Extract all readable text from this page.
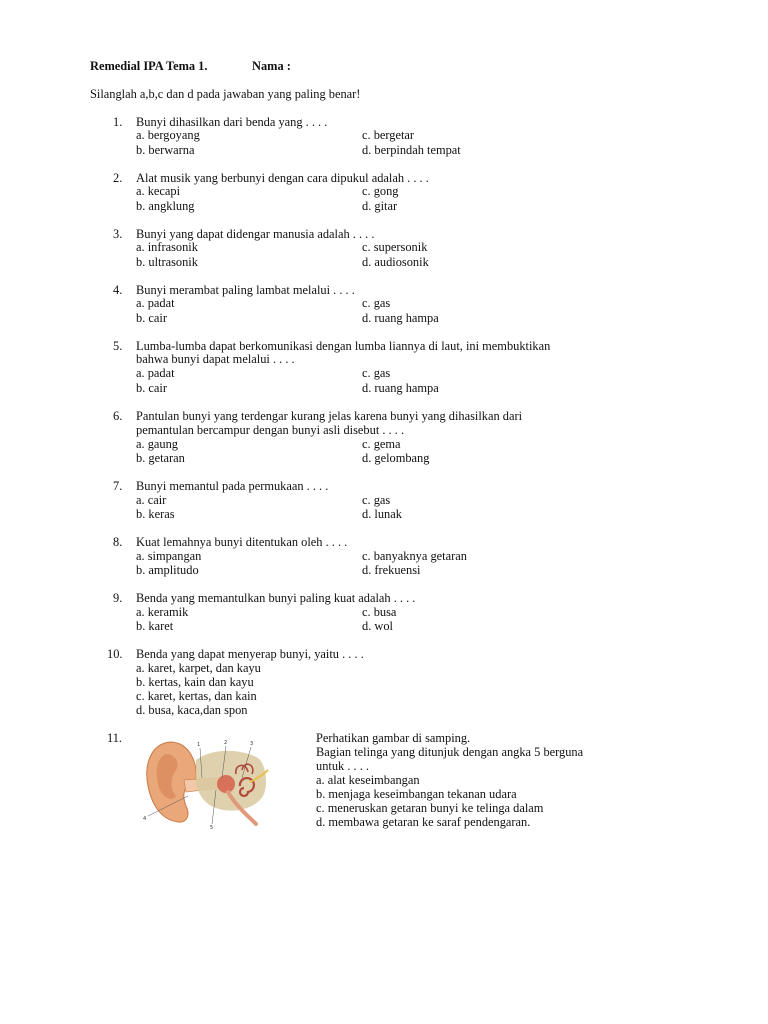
Remedial IPA Tema 1.	Nama :
Silanglah a,b,c dan d pada jawaban yang paling benar!
1. Bunyi dihasilkan dari benda yang . . . .
a. bergoyang
b. berwarna
c. bergetar
d. berpindah tempat
2. Alat musik yang berbunyi dengan cara dipukul adalah . . . .
a. kecapi
b. angklung
c. gong
d. gitar
3. Bunyi yang dapat didengar manusia adalah . . . .
a. infrasonik
b. ultrasonik
c. supersonik
d. audiosonik
4. Bunyi merambat paling lambat melalui . . . .
a. padat
b. cair
c. gas
d. ruang hampa
5. Lumba-lumba dapat berkomunikasi dengan lumba liannya di laut, ini membuktikan
bahwa bunyi dapat melalui . . . .
a. padat
b. cair
c. gas
d. ruang hampa
6. Pantulan bunyi yang terdengar kurang jelas karena bunyi yang dihasilkan dari
pemantulan bercampur dengan bunyi asli disebut . . . .
a. gaung
b. getaran
c. gema
d. gelombang
7. Bunyi memantul pada permukaan . . . .
a. cair
b. keras
c. gas
d. lunak
8. Kuat lemahnya bunyi ditentukan oleh . . . .
a. simpangan
b. amplitudo
c. banyaknya getaran
d. frekuensi
9. Benda yang memantulkan bunyi paling kuat adalah . . . .
a. keramik
b. karet
c. busa
d. wol
10. Benda yang dapat menyerap bunyi, yaitu . . . .
a. karet, karpet, dan kayu
b. kertas, kain dan kayu
c. karet, kertas, dan kain
d. busa, kaca,dan spon
11.	1	2	3
4
5
Perhatikan gambar di samping.
Bagian telinga yang ditunjuk dengan angka 5 berguna
untuk . . . .
a. alat keseimbangan
b. menjaga keseimbangan tekanan udara
c. meneruskan getaran bunyi ke telinga dalam
d. membawa getaran ke saraf pendengaran.
